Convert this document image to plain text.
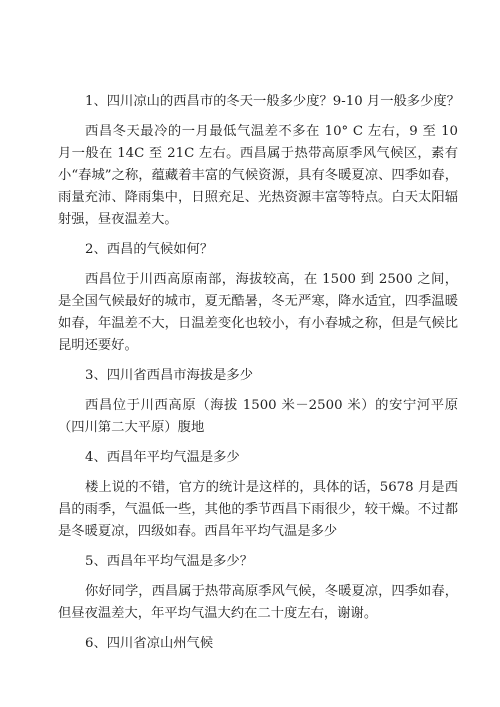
1、四川凉山的西昌市的冬天一般多少度？9-10 月一般多少度？

西昌冬天最冷的一月最低气温差不多在 10° C 左右，9 至 10 月一般在 14C 至 21C 左右。西昌属于热带高原季风气候区，素有小“春城”之称，蕴藏着丰富的气候资源，具有冬暖夏凉、四季如春，雨量充沛、降雨集中，日照充足、光热资源丰富等特点。白天太阳辐射强，昼夜温差大。

2、西昌的气候如何？

西昌位于川西高原南部，海拔较高，在 1500 到 2500 之间，是全国气候最好的城市，夏无酷暑，冬无严寒，降水适宜，四季温暖如春，年温差不大，日温差变化也较小，有小春城之称，但是气候比昆明还要好。

3、四川省西昌市海拔是多少

西昌位于川西高原（海拔 1500 米－2500 米）的安宁河平原（四川第二大平原）腹地

4、西昌年平均气温是多少

楼上说的不错，官方的统计是这样的，具体的话，5678 月是西昌的雨季，气温低一些，其他的季节西昌下雨很少，较干燥。不过都是冬暖夏凉，四级如春。西昌年平均气温是多少

5、西昌年平均气温是多少？

你好同学，西昌属于热带高原季风气候，冬暖夏凉，四季如春，但昼夜温差大，年平均气温大约在二十度左右，谢谢。

6、四川省凉山州气候
